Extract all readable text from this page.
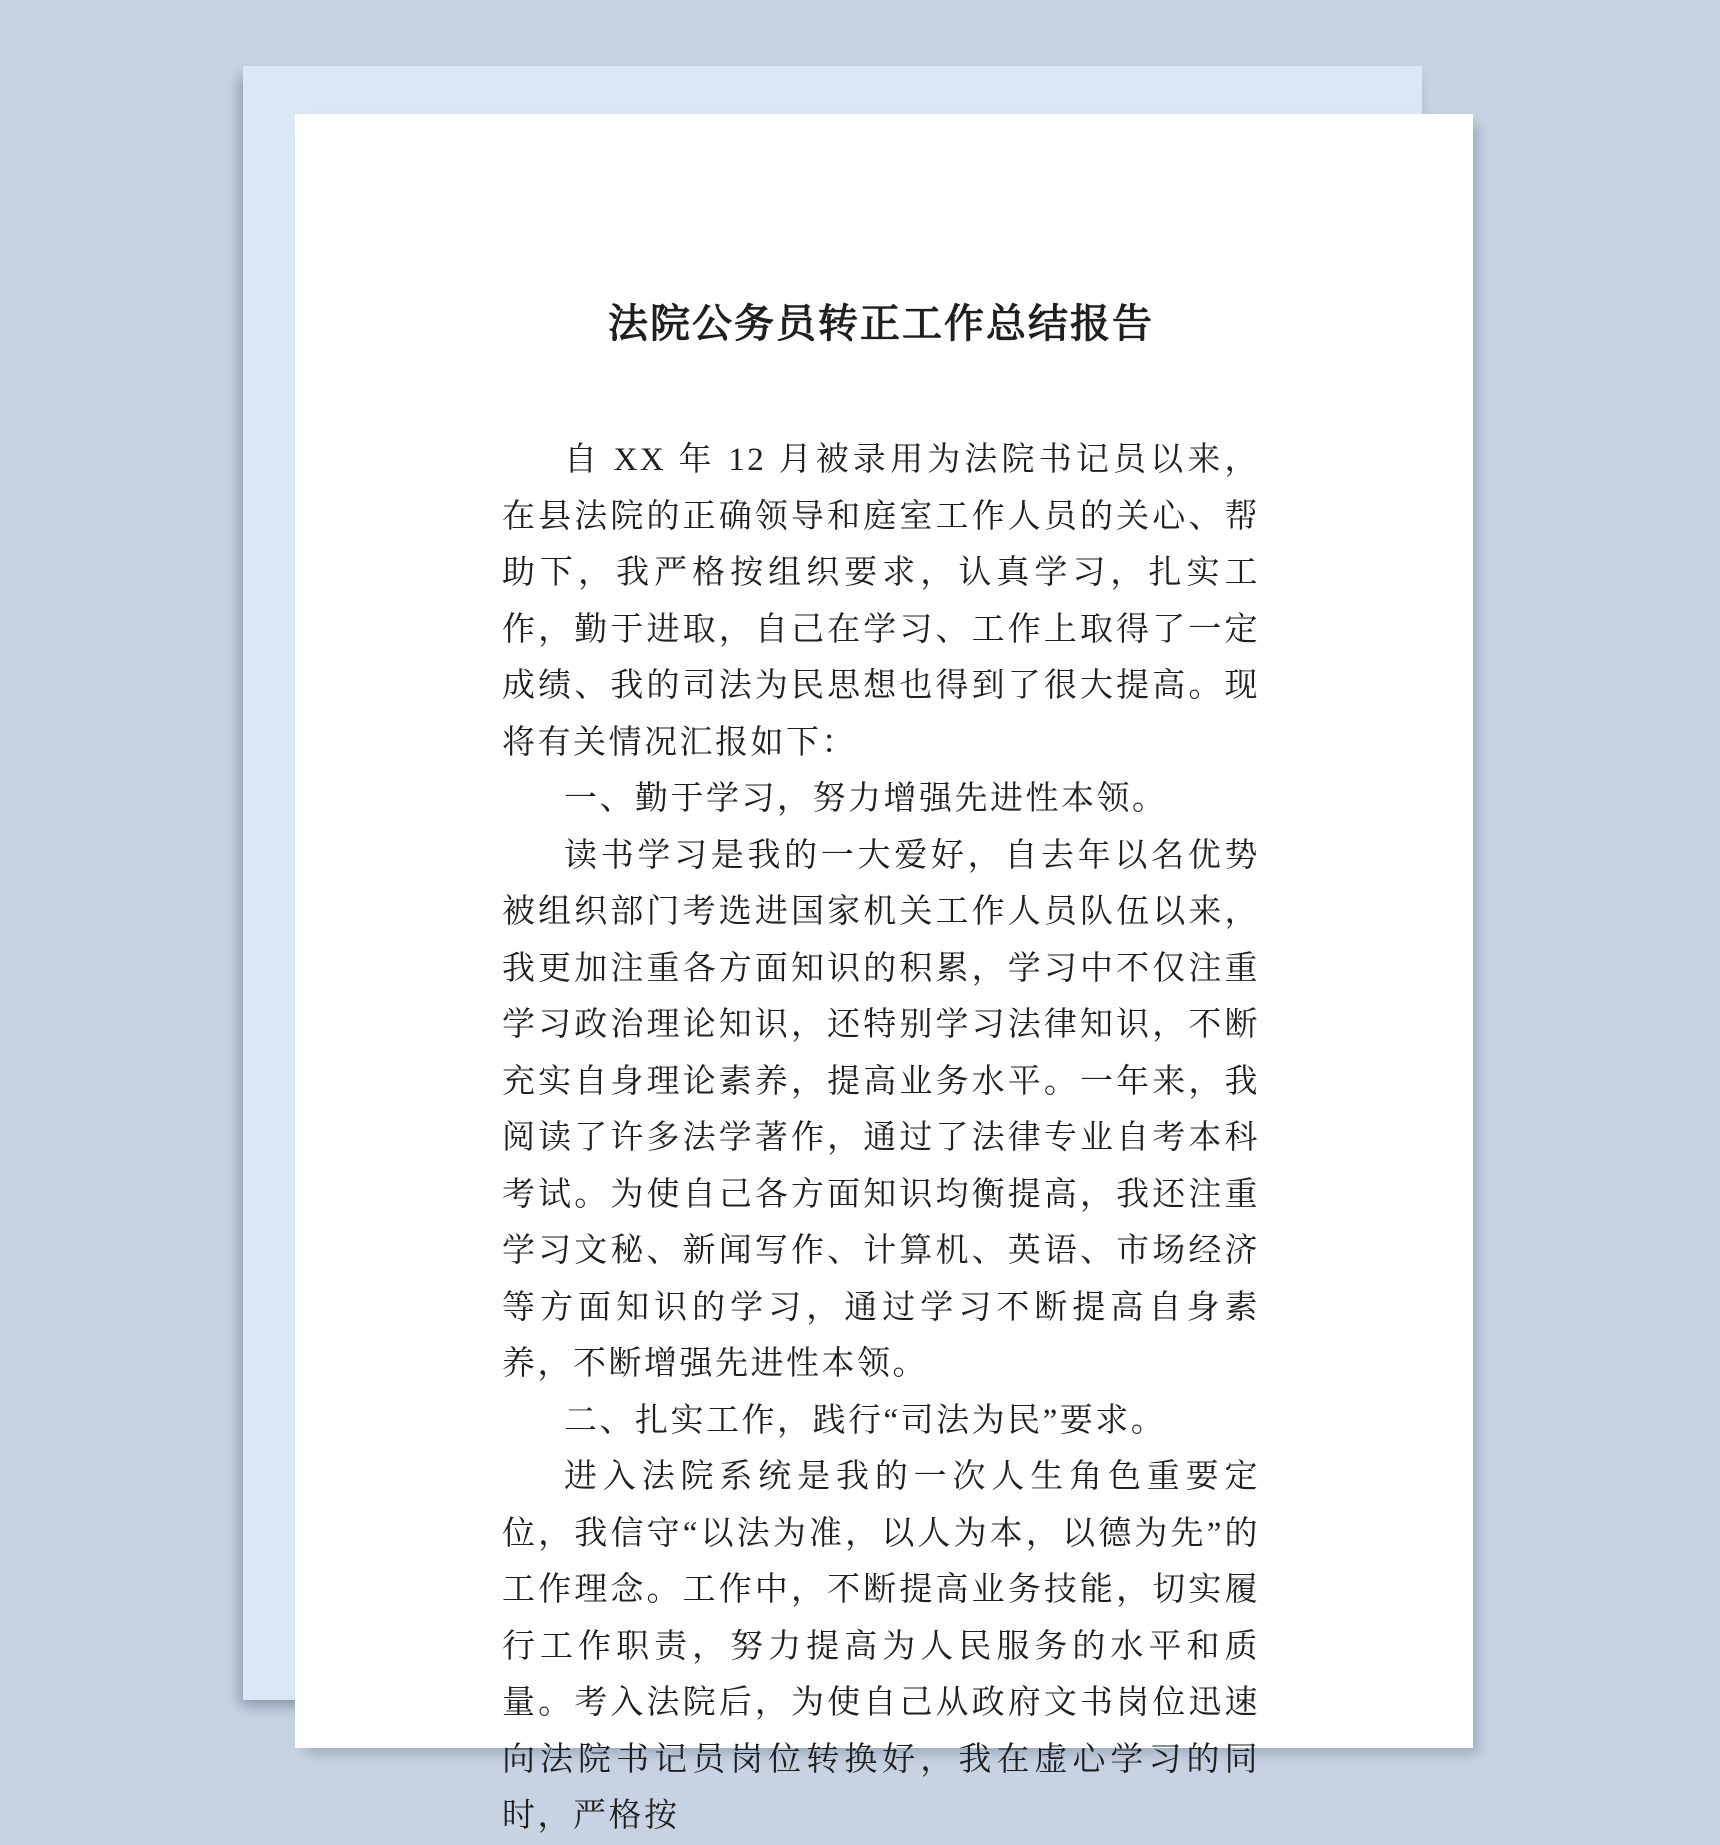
法院公务员转正工作总结报告

自 XX 年 12 月被录用为法院书记员以来，在县法院的正确领导和庭室工作人员的关心、帮助下，我严格按组织要求，认真学习，扎实工作，勤于进取，自己在学习、工作上取得了一定成绩、我的司法为民思想也得到了很大提高。现将有关情况汇报如下：

一、勤于学习，努力增强先进性本领。

读书学习是我的一大爱好，自去年以名优势被组织部门考选进国家机关工作人员队伍以来，我更加注重各方面知识的积累，学习中不仅注重学习政治理论知识，还特别学习法律知识，不断充实自身理论素养，提高业务水平。一年来，我阅读了许多法学著作，通过了法律专业自考本科考试。为使自己各方面知识均衡提高，我还注重学习文秘、新闻写作、计算机、英语、市场经济等方面知识的学习，通过学习不断提高自身素养，不断增强先进性本领。

二、扎实工作，践行“司法为民”要求。

进入法院系统是我的一次人生角色重要定位，我信守“以法为准，以人为本，以德为先”的工作理念。工作中，不断提高业务技能，切实履行工作职责，努力提高为人民服务的水平和质量。考入法院后，为使自己从政府文书岗位迅速向法院书记员岗位转换好，我在虚心学习的同时，严格按
